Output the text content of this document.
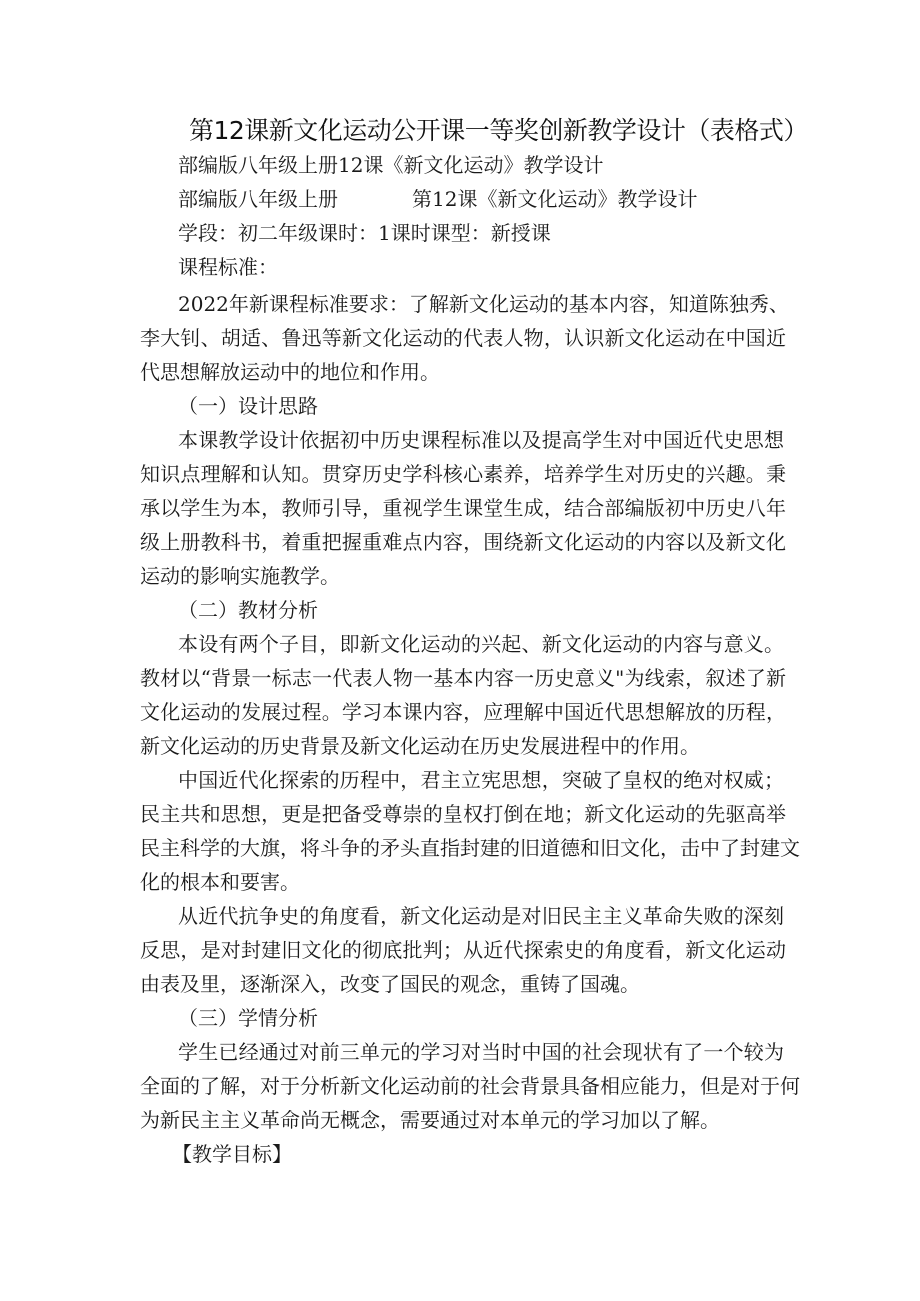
第12课新文化运动公开课一等奖创新教学设计（表格式）
部编版八年级上册12课《新文化运动》教学设计
部编版八年级上册	第12课《新文化运动》教学设计
学段：初二年级课时：1课时课型：新授课
课程标准：
2022年新课程标准要求：了解新文化运动的基本内容，知道陈独秀、
李大钊、胡适、鲁迅等新文化运动的代表人物，认识新文化运动在中国近
代思想解放运动中的地位和作用。
（一）设计思路
本课教学设计依据初中历史课程标准以及提高学生对中国近代史思想
知识点理解和认知。贯穿历史学科核心素养，培养学生对历史的兴趣。秉
承以学生为本，教师引导，重视学生课堂生成，结合部编版初中历史八年
级上册教科书，着重把握重难点内容，围绕新文化运动的内容以及新文化
运动的影响实施教学。
（二）教材分析
本设有两个子目，即新文化运动的兴起、新文化运动的内容与意义。
教材以“背景一标志一代表人物一基本内容一历史意义"为线索，叙述了新
文化运动的发展过程。学习本课内容，应理解中国近代思想解放的历程，
新文化运动的历史背景及新文化运动在历史发展进程中的作用。
中国近代化探索的历程中，君主立宪思想，突破了皇权的绝对权威；
民主共和思想，更是把备受尊崇的皇权打倒在地；新文化运动的先驱高举
民主科学的大旗，将斗争的矛头直指封建的旧道德和旧文化，击中了封建文
化的根本和要害。
从近代抗争史的角度看，新文化运动是对旧民主主义革命失败的深刻
反思，是对封建旧文化的彻底批判；从近代探索史的角度看，新文化运动
由表及里，逐渐深入，改变了国民的观念，重铸了国魂。
（三）学情分析
学生已经通过对前三单元的学习对当时中国的社会现状有了一个较为
全面的了解，对于分析新文化运动前的社会背景具备相应能力，但是对于何
为新民主主义革命尚无概念，需要通过对本单元的学习加以了解。
【教学目标】
